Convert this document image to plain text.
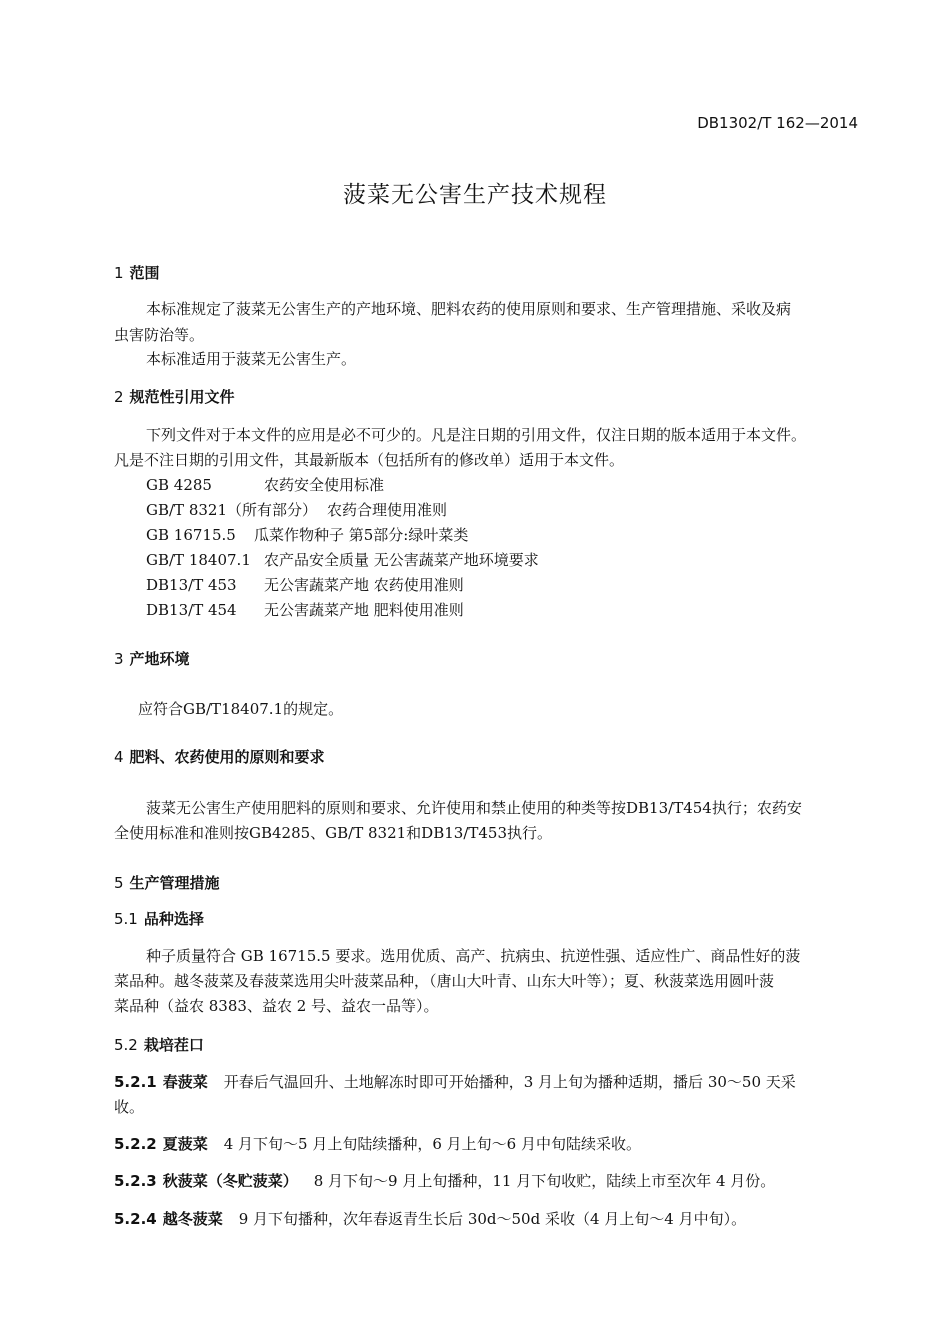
DB1302/T 162—2014
菠菜无公害生产技术规程
1 范围
本标准规定了菠菜无公害生产的产地环境、肥料农药的使用原则和要求、生产管理措施、采收及病
虫害防治等。
本标准适用于菠菜无公害生产。
2 规范性引用文件
下列文件对于本文件的应用是必不可少的。凡是注日期的引用文件，仅注日期的版本适用于本文件。
凡是不注日期的引用文件，其最新版本（包括所有的修改单）适用于本文件。
GB 4285	农药安全使用标准
GB/T 8321（所有部分） 农药合理使用准则
GB 16715.5 瓜菜作物种子 第5部分:绿叶菜类
GB/T 18407.1 农产品安全质量 无公害蔬菜产地环境要求
DB13/T 453 无公害蔬菜产地 农药使用准则
DB13/T 454 无公害蔬菜产地 肥料使用准则
3 产地环境
应符合GB/T18407.1的规定。
4 肥料、农药使用的原则和要求
菠菜无公害生产使用肥料的原则和要求、允许使用和禁止使用的种类等按DB13/T454执行；农药安
全使用标准和准则按GB4285、GB/T 8321和DB13/T453执行。
5 生产管理措施
5.1 品种选择
种子质量符合 GB 16715.5 要求。选用优质、高产、抗病虫、抗逆性强、适应性广、商品性好的菠
菜品种。越冬菠菜及春菠菜选用尖叶菠菜品种，（唐山大叶青、山东大叶等）；夏、秋菠菜选用圆叶菠
菜品种（益农 8383、益农 2 号、益农一品等）。
5.2 栽培茬口
5.2.1 春菠菜 开春后气温回升、土地解冻时即可开始播种，3 月上旬为播种适期，播后 30～50 天采
收。
5.2.2 夏菠菜 4 月下旬～5 月上旬陆续播种，6 月上旬～6 月中旬陆续采收。
5.2.3 秋菠菜（冬贮菠菜） 8 月下旬～9 月上旬播种，11 月下旬收贮，陆续上市至次年 4 月份。
5.2.4 越冬菠菜 9 月下旬播种，次年春返青生长后 30d～50d 采收（4 月上旬～4 月中旬）。
